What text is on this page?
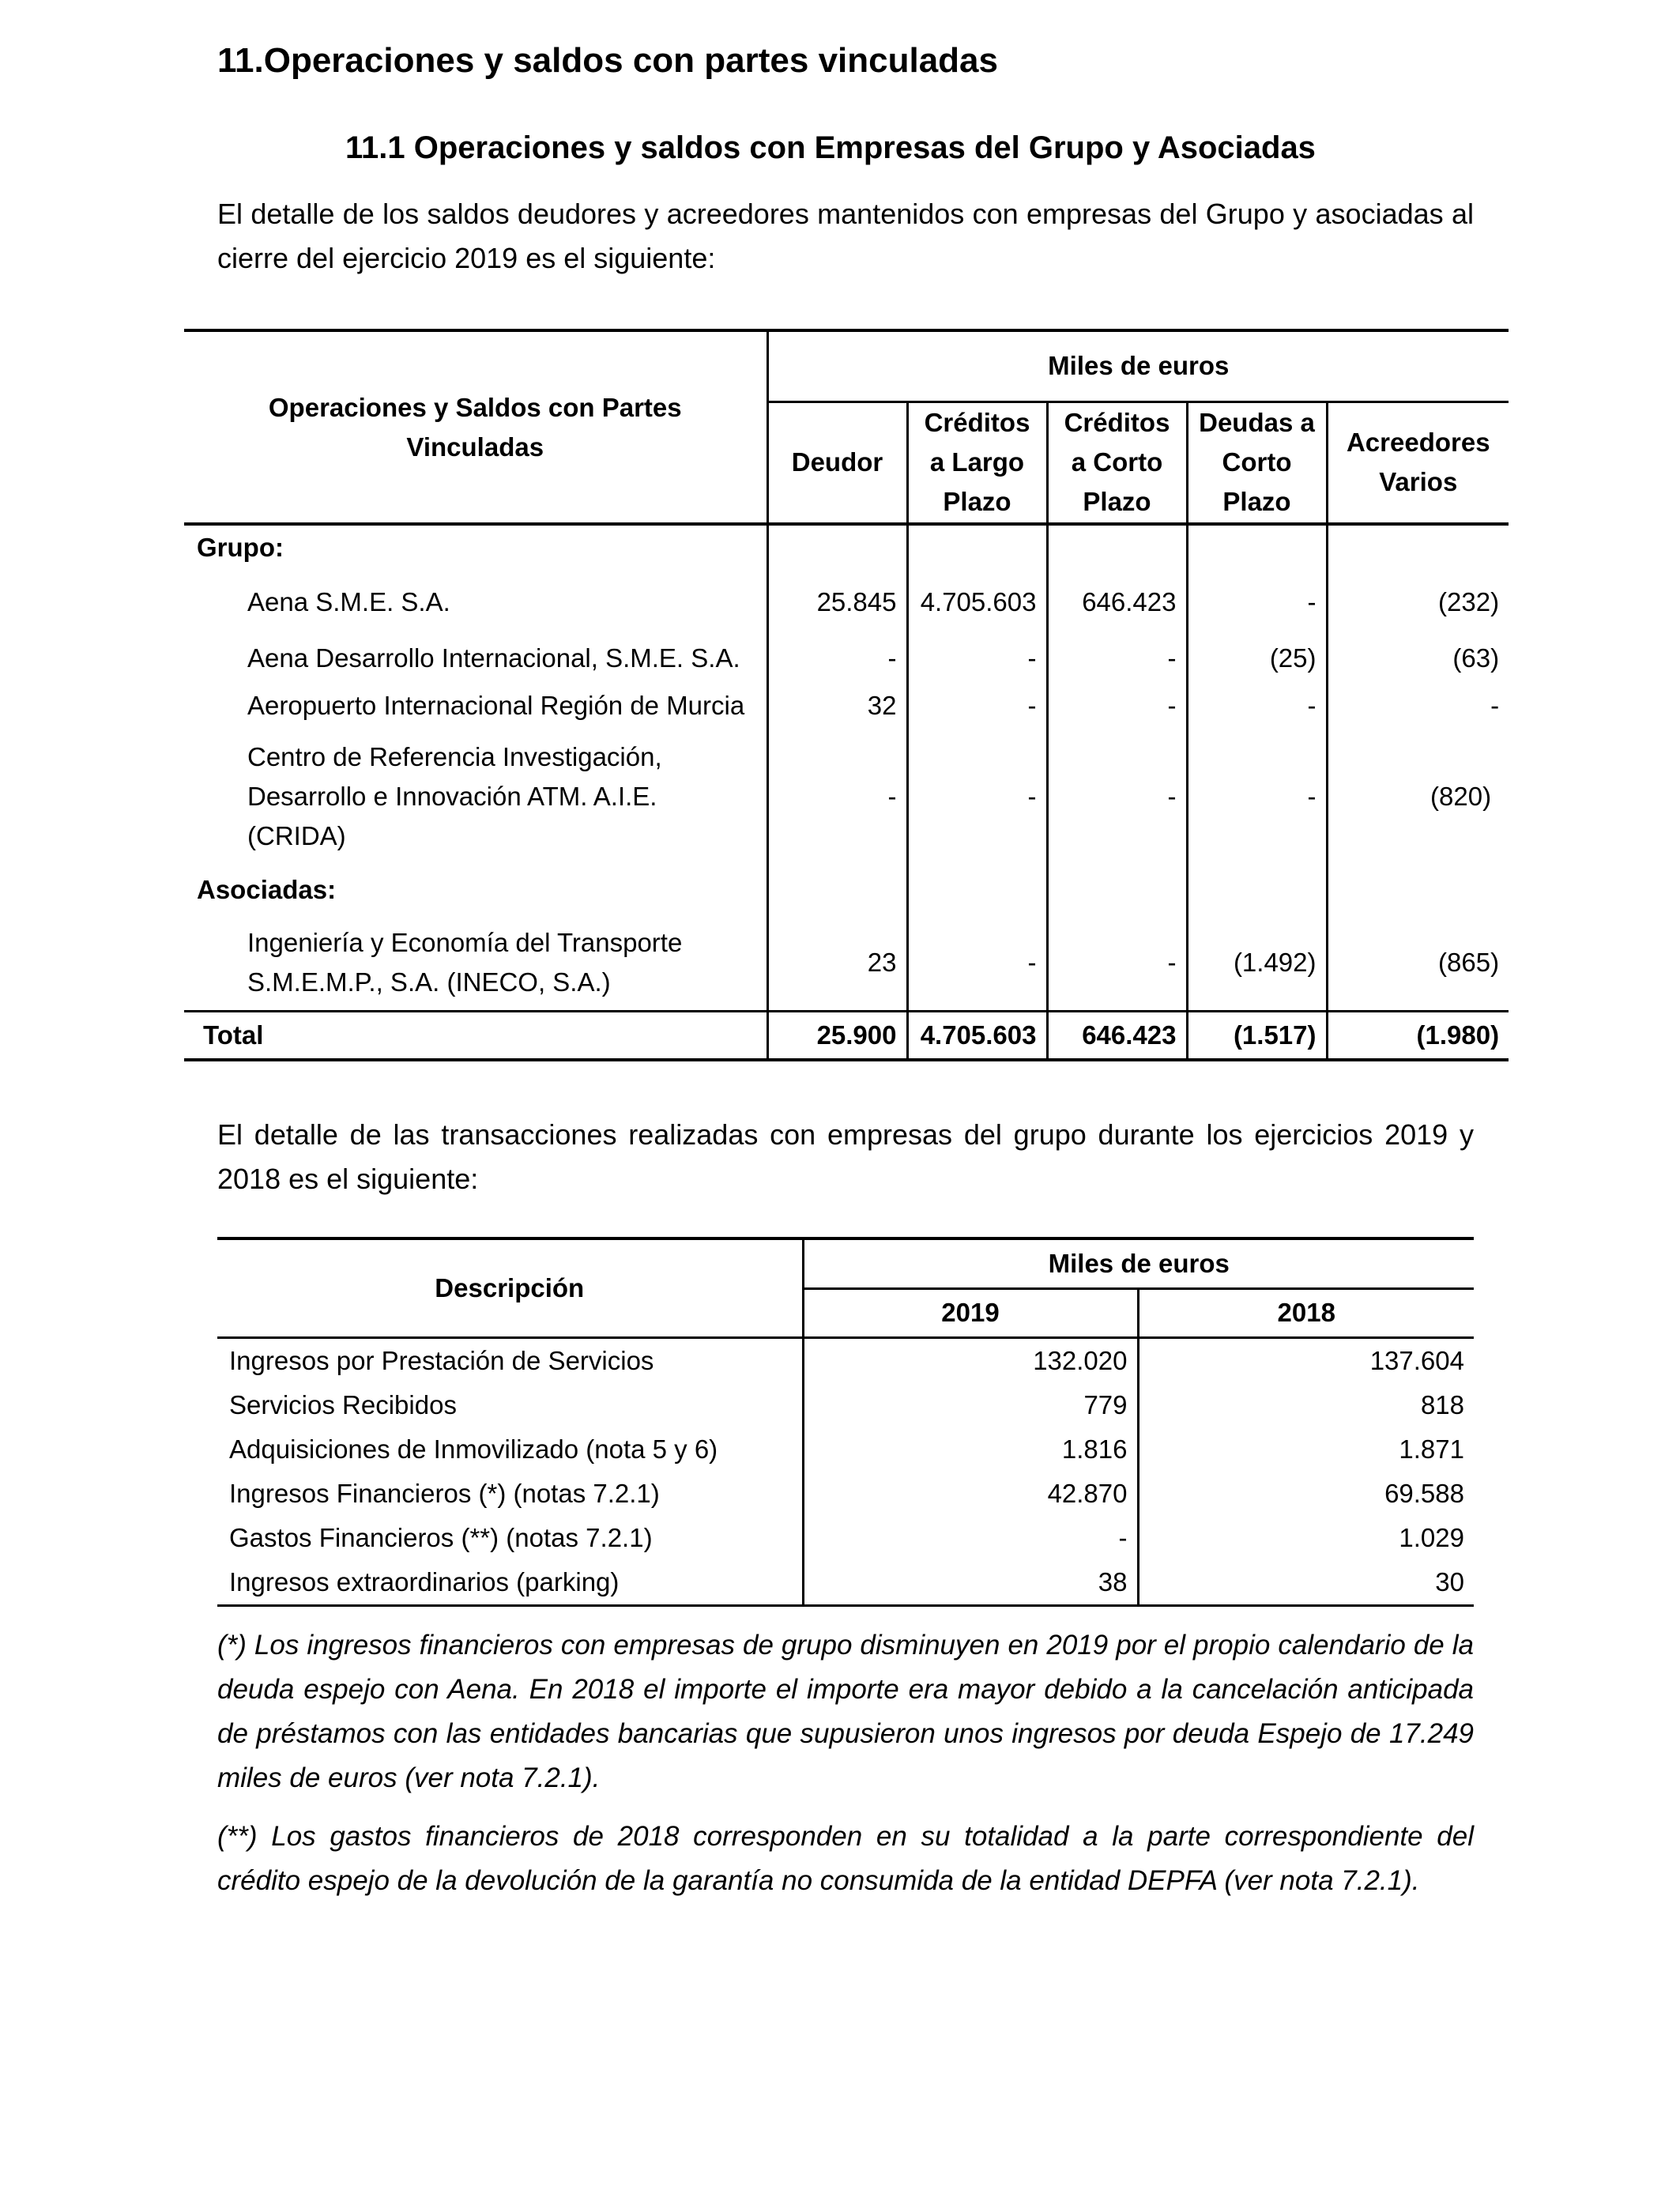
11.Operaciones y saldos con partes vinculadas
11.1 Operaciones y saldos con Empresas del Grupo y Asociadas

El detalle de los saldos deudores y acreedores mantenidos con empresas del Grupo y asociadas al cierre del ejercicio 2019 es el siguiente:

Operaciones y Saldos con Partes Vinculadas	Miles de euros				
	Deudor	Créditos a Largo Plazo	Créditos a Corto Plazo	Deudas a Corto Plazo	Acreedores Varios
Grupo:					
Aena S.M.E. S.A.	25.845	4.705.603	646.423	-	(232)
Aena Desarrollo Internacional, S.M.E. S.A.	-	-	-	(25)	(63)
Aeropuerto Internacional Región de Murcia	32	-	-	-	-
Centro de Referencia Investigación, Desarrollo e Innovación ATM. A.I.E. (CRIDA)	-	-	-	-	(820)
Asociadas:					
Ingeniería y Economía del Transporte S.M.E.M.P., S.A. (INECO, S.A.)	23	-	-	(1.492)	(865)
Total	25.900	4.705.603	646.423	(1.517)	(1.980)

El detalle de las transacciones realizadas con empresas del grupo durante los ejercicios 2019 y 2018 es el siguiente:

Descripción	Miles de euros	
	2019	2018
Ingresos por Prestación de Servicios	132.020	137.604
Servicios Recibidos	779	818
Adquisiciones de Inmovilizado (nota 5 y 6)	1.816	1.871
Ingresos Financieros (*) (notas 7.2.1)	42.870	69.588
Gastos Financieros (**) (notas 7.2.1)	-	1.029
Ingresos extraordinarios (parking)	38	30

(*) Los ingresos financieros con empresas de grupo disminuyen en 2019 por el propio calendario de la deuda espejo con Aena. En 2018 el importe el importe era mayor debido a la cancelación anticipada de préstamos con las entidades bancarias que supusieron unos ingresos por deuda Espejo de 17.249 miles de euros (ver nota 7.2.1).

(**) Los gastos financieros de 2018 corresponden en su totalidad a la parte correspondiente del crédito espejo de la devolución de la garantía no consumida de la entidad DEPFA (ver nota 7.2.1).
